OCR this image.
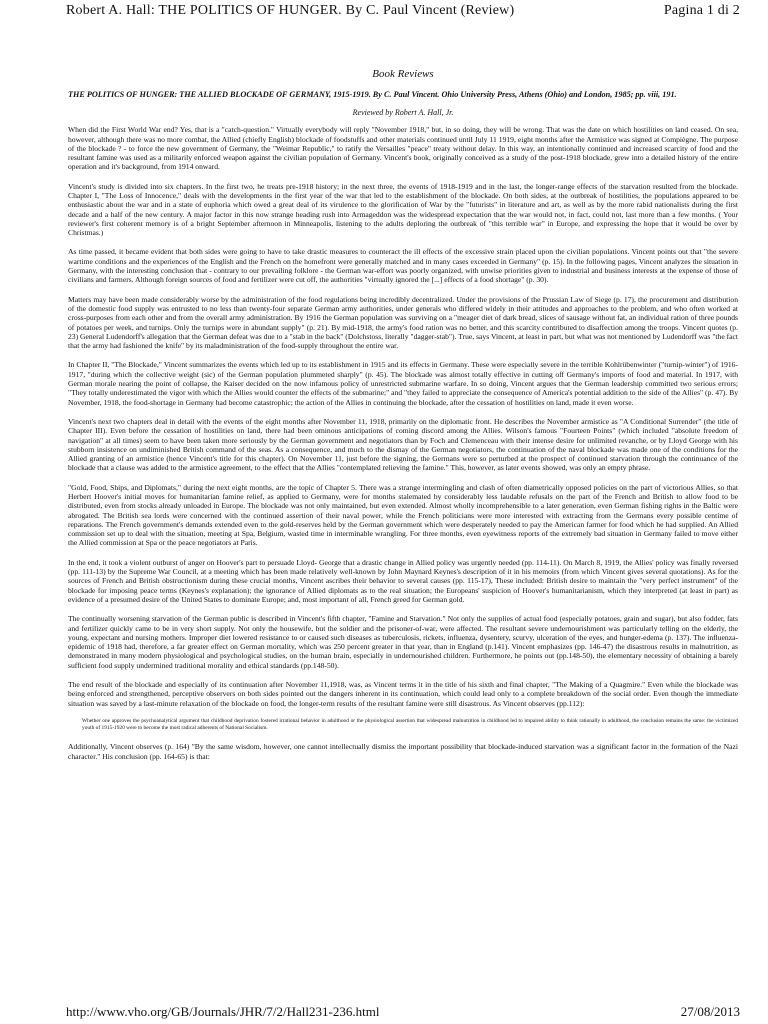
Robert A. Hall: THE POLITICS OF HUNGER. By C. Paul Vincent (Review)	Pagina 1 di 2
Book Reviews
THE POLITICS OF HUNGER: THE ALLIED BLOCKADE OF GERMANY, 1915-1919. By C. Paul Vincent. Ohio University Press, Athens (Ohio) and London, 1985; pp. viii, 191.
Reviewed by Robert A. Hall, Jr.

When did the First World War end? Yes, that is a "catch-question." Virtually everybody will reply "November 1918," but, in so doing, they will be wrong. That was the date on which hostilities on land ceased. On sea, however, although there was no more combat, the Allied (chiefly English) blockade of foodstuffs and other materials continued until July 11 1919, eight months after the Armistice was signed at Compiègne. The purpose of the blockade ? - to force the new government of Germany, the "Weimar Republic," to ratify the Versailles "peace" treaty without delay. In this way, an intentionally continued and increased scarcity of food and the resultant famine was used as a militarily enforced weapon against the civilian population of Germany. Vincent's book, originally conceived as a study of the post-1918 blockade, grew into a detailed history of the entire operation and it's background, from 1914 onward.

Vincent's study is divided into six chapters. In the first two, he treats pre-1918 history; in the next three, the events of 1918-1919 and in the last, the longer-range effects of the starvation resulted from the blockade. Chapter I, "The Loss of Innocence," deals with the developments in the first year of the war that led to the establishment of the blockade. On both sides, at the outbreak of hostilities, the populations appeared to be enthusiastic about the war and in a state of euphoria which owed a great deal of its virulence to the glorification of War by the "futurists" in literature and art, as well as by the more rabid nationalists during the first decade and a half of the new century. A major factor in this now strange heading rush into Armageddon was the widespread expectation that the war would not, in fact, could not, last more than a few months. ( Your reviewer's first coherent memory is of a bright September afternoon in Minneapolis, listening to the adults deploring the outbreak of "this terrible war" in Europe, and expressing the hope that it would be over by Christmas.)

As time passed, it became evident that both sides were going to have to take drastic measures to counteract the ill effects of the excessive strain placed upon the civilian populations. Vincent points out that "the severe wartime conditions and the experiences of the English and the French on the homefront were generally matched and in many cases exceeded in Germany" (p. 15). In the following pages, Vincent analyzes the situation in Germany, with the interesting conclusion that - contrary to our prevailing folklore - the German war-effort was poorly organized, with unwise priorities given to industrial and business interests at the expense of those of civilians and farmers. Although foreign sources of food and fertilizer were cut off, the authorities "virtually ignored the [...] effects of a food shortage" (p. 30).

Matters may have been made considerably worse by the administration of the food regulations being incredibly decentralized. Under the provisions of the Prussian Law of Siege (p. 17), the procurement and distribution of the domestic food supply was entrusted to no less than twenty-four separate German army authorities, under generals who differed widely in their attitudes and approaches to the problem, and who often worked at cross-purposes from each other and from the overall army administration. By 1916 the German population was surviving on a "meager diet of dark bread, slices of sausage without fat, an individual ration of three pounds of potatoes per week, and turnips. Only the turnips were in abundant supply" (p. 21). By mid-1918, the army's food ration was no better, and this scarcity contributed to disaffection among the troops. Vincent quotes (p. 23) General Ludendorff's allegation that the German defeat was due to a "stab in the back" (Dolchstoss, literally "dagger-stab"). True, says Vincent, at least in part, but what was not mentioned by Ludendorff was "the fact that the army had fashioned the knife" by its maladministration of the food-supply throughout the entire war.

In Chapter II, "The Blockade," Vincent summarizes the events which led up to its establishment in 1915 and its effects in Germany. These were especially severe in the terrible Kohlrübenwinter ("turnip-winter") of 1916-1917, "during which the collective weight (sic) of the German population plummeted sharply" (p. 45). The blockade was almost totally effective in cutting off Germany's imports of food and material. In 1917, with German morale nearing the point of collapse, the Kaiser decided on the now infamous policy of unrestricted submarine warfare. In so doing, Vincent argues that the German leadership committed two serious errors; "They totally underestimated the vigor with which the Allies would counter the effects of the submarine;" and "they failed to appreciate the consequence of America's potential addition to the side of the Allies" (p. 47). By November, 1918, the food-shortage in Germany had become catastrophic; the action of the Allies in continuing the blockade, after the cessation of hostilities on land, made it even worse.

Vincent's next two chapters deal in detail with the events of the eight months after November 11, 1918, primarily on the diplomatic front. He describes the November armistice as "A Conditional Surrender" (the title of Chapter III). Even before the cessation of hostilities on land, there had been ominous anticipations of coming discord among the Allies. Wilson's famous "Fourteen Points" (which included "absolute freedom of navigation" at all times) seem to have been taken more seriously by the German government and negotiators than by Foch and Clemenceau with their intense desire for unlimited revanche, or by Lloyd George with his stubborn insistence on undiminished British command of the seas. As a consequence, and much to the dismay of the German negotiators, the continuation of the naval blockade was made one of the conditions for the Allied granting of an armistice (hence Vincent's title for this chapter). On November 11, just before the signing, the Germans were so perturbed at the prospect of continued starvation through the continuance of the blockade that a clause was added to the armistice agreement, to the effect that the Allies "contemplated relieving the famine." This, however, as later events showed, was only an empty phrase.

"Gold, Food, Ships, and Diplomats," during the next eight months, are the topic of Chapter 5. There was a strange intermingling and clash of often diametrically opposed policies on the part of victorious Allies, so that Herbert Hoover's initial moves for humanitarian famine relief, as applied to Germany, were for months stalemated by considerably less laudable refusals on the part of the French and British to allow food to be distributed, even from stocks already unloaded in Europe. The blockade was not only maintained, but even extended. Almost wholly incomprehensible to a later generation, even German fishing rights in the Baltic were abrogated. The British sea lords were concerned with the continued assertion of their naval power, while the French politicians were more interested with extracting from the Germans every possible centime of reparations. The French government's demands extended even to the gold-reserves held by the German government which were desperately needed to pay the American farmer for food which he had supplied. An Allied commission set up to deal with the situation, meeting at Spa, Belgium, wasted time in interminable wrangling. For three months, even eyewitness reports of the extremely bad situation in Germany failed to move either the Allied commission at Spa or the peace negotiators at Paris.

In the end, it took a violent outburst of anger on Hoover's part to persuade Lloyd- George that a drastic change in Allied policy was urgently needed (pp. 114-11). On March 8, 1919, the Allies' policy was finally reversed (pp. 111-13) by the Supreme War Council, at a meeting which has been made relatively well-known by John Maynard Keynes's description of it in his memoirs (from which Vincent gives several quotations). As for the sources of French and British obstructionism during these crucial months, Vincent ascribes their behavior to several causes (pp. 115-17), These included: British desire to maintain the "very perfect instrument" of the blockade for imposing peace terms (Keynes's explanation); the ignorance of Allied diplomats as to the real situation; the Europeans' suspicion of Hoover's humanitarianism, which they interpreted (at least in part) as evidence of a presumed desire of the United States to dominate Europe; and, most important of all, French greed for German gold.

The continually worsening starvation of the German public is described in Vincent's fifth chapter, "Famine and Starvation." Not only the supplies of actual food (especially potatoes, grain and sugar), but also fodder, fats and fertilizer quickly came to be in very short supply. Not only the housewife, but the soldier and the prisoner-of-war, were affected. The resultant severe undernourishment was particularly telling on the elderly, the young, expectant and nursing mothers. Improper diet lowered resistance to or caused such diseases as tuberculosis, rickets, influenza, dysentery, scurvy, ulceration of the eyes, and hunger-edema (p. 137). The influenza-epidemic of 1918 had, therefore, a far greater effect on German mortality, which was 250 percent greater in that year, than in England (p.141). Vincent emphasizes (pp. 146-47) the disastrous results in malnutrition, as demonstrated in many modern physiological and psychological studies, on the human brain, especially in undernourished children. Furthermore, he points out (pp.148-50), the elementary necessity of obtaining a barely sufficient food supply undermined traditional morality and ethical standards (pp.148-50).

The end result of the blockade and especially of its continuation after November 11,1918, was, as Vincent terms it in the title of his sixth and final chapter, "The Making of a Quagmire." Even while the blockade was being enforced and strengthened, perceptive observers on both sides pointed out the dangers inherent in its continuation, which could lead only to a complete breakdown of the social order. Even though the immediate situation was saved by a last-minute relaxation of the blockade on food, the longer-term results of the resultant famine were still disastrous. As Vincent observes (pp.112):

Whether one approves the psychoanalytical argument that childhood deprivation fostered irrational behavior in adulthood or the physiological assertion that widespread malnutrition in childhood led to impaired ability to think rationally in adulthood, the conclusion remains the same: the victimized youth of 1915-1920 were to become the most radical adherents of National Socialism.

Additionally, Vincent observes (p. 164) "By the same wisdom, however, one cannot intellectually dismiss the important possibility that blockade-induced starvation was a significant factor in the formation of the Nazi character." His conclusion (pp. 164-65) is that:

http://www.vho.org/GB/Journals/JHR/7/2/Hall231-236.html	27/08/2013
